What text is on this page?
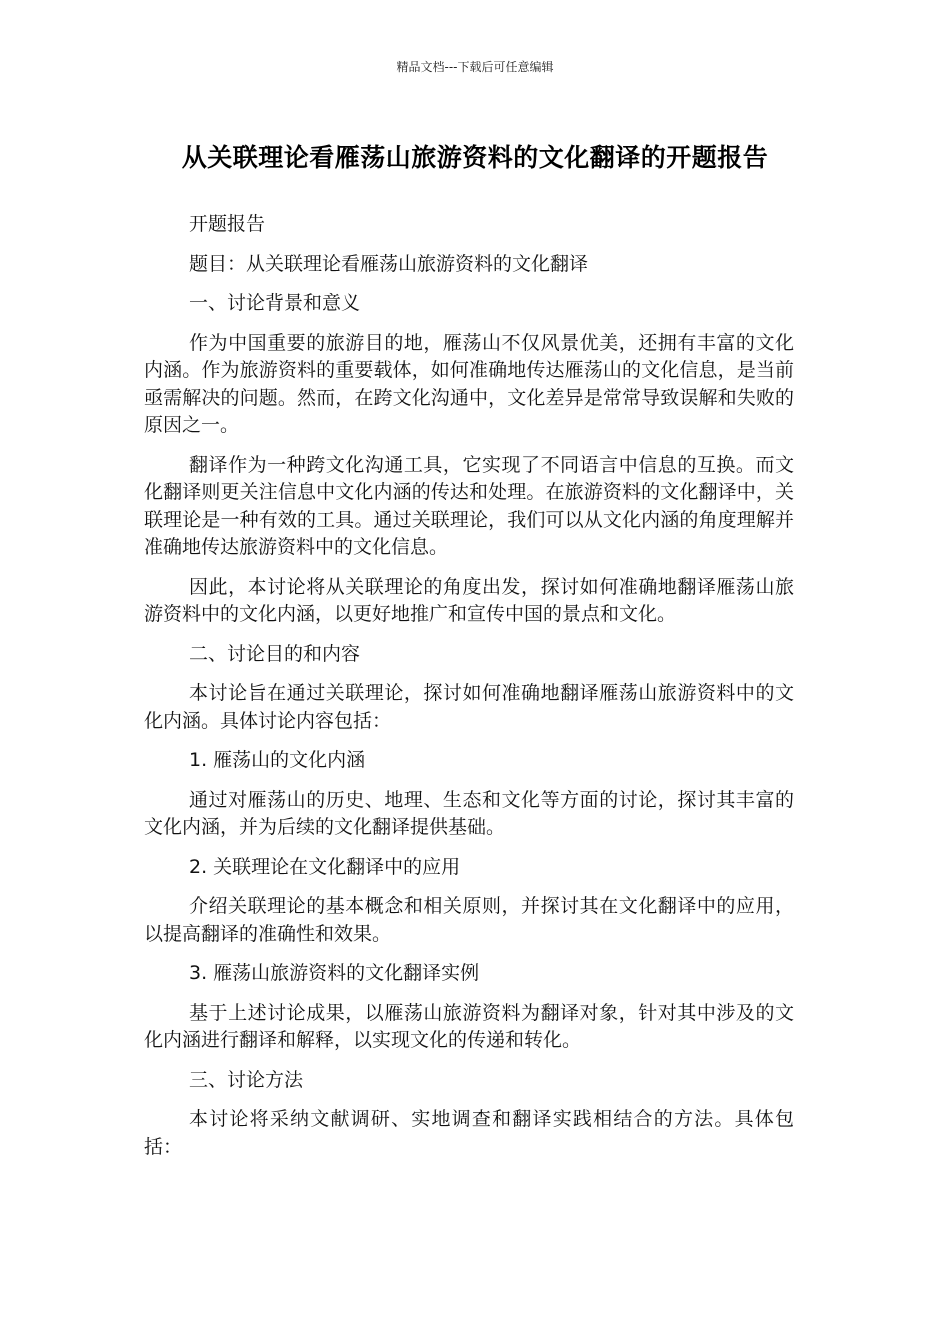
精品文档---下载后可任意编辑
从关联理论看雁荡山旅游资料的文化翻译的开题报告

开题报告

题目：从关联理论看雁荡山旅游资料的文化翻译

一、讨论背景和意义

作为中国重要的旅游目的地，雁荡山不仅风景优美，还拥有丰富的文化内涵。作为旅游资料的重要载体，如何准确地传达雁荡山的文化信息，是当前亟需解决的问题。然而，在跨文化沟通中，文化差异是常常导致误解和失败的原因之一。

翻译作为一种跨文化沟通工具，它实现了不同语言中信息的互换。而文化翻译则更关注信息中文化内涵的传达和处理。在旅游资料的文化翻译中，关联理论是一种有效的工具。通过关联理论，我们可以从文化内涵的角度理解并准确地传达旅游资料中的文化信息。

因此，本讨论将从关联理论的角度出发，探讨如何准确地翻译雁荡山旅游资料中的文化内涵，以更好地推广和宣传中国的景点和文化。

二、讨论目的和内容

本讨论旨在通过关联理论，探讨如何准确地翻译雁荡山旅游资料中的文化内涵。具体讨论内容包括：

1. 雁荡山的文化内涵

通过对雁荡山的历史、地理、生态和文化等方面的讨论，探讨其丰富的文化内涵，并为后续的文化翻译提供基础。

2. 关联理论在文化翻译中的应用

介绍关联理论的基本概念和相关原则，并探讨其在文化翻译中的应用，以提高翻译的准确性和效果。

3. 雁荡山旅游资料的文化翻译实例

基于上述讨论成果，以雁荡山旅游资料为翻译对象，针对其中涉及的文化内涵进行翻译和解释，以实现文化的传递和转化。

三、讨论方法

本讨论将采纳文献调研、实地调查和翻译实践相结合的方法。具体包括：
